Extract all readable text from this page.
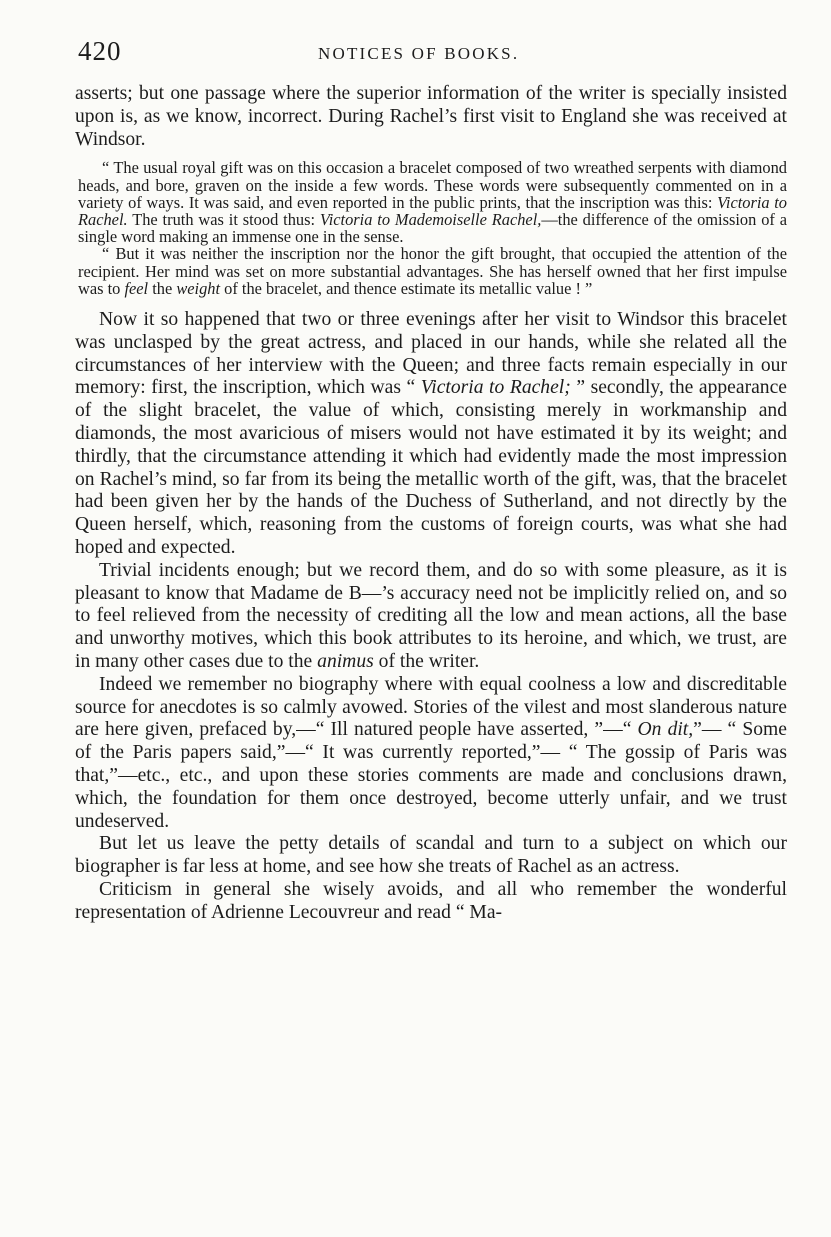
420	NOTICES OF BOOKS.

asserts; but one passage where the superior information of the writer is specially insisted upon is, as we know, incorrect. During Rachel’s first visit to England she was received at Windsor.

“ The usual royal gift was on this occasion a bracelet composed of two wreathed serpents with diamond heads, and bore, graven on the inside a few words. These words were subsequently commented on in a variety of ways. It was said, and even reported in the public prints, that the inscription was this: Victoria to Rachel. The truth was it stood thus: Victoria to Mademoiselle Rachel,—the difference of the omission of a single word making an immense one in the sense.

“ But it was neither the inscription nor the honor the gift brought, that occupied the attention of the recipient. Her mind was set on more substantial advantages. She has herself owned that her first impulse was to feel the weight of the bracelet, and thence estimate its metallic value ! ”

Now it so happened that two or three evenings after her visit to Windsor this bracelet was unclasped by the great actress, and placed in our hands, while she related all the circumstances of her interview with the Queen; and three facts remain especially in our memory: first, the inscription, which was “ Victoria to Rachel; ” secondly, the appearance of the slight bracelet, the value of which, consisting merely in workmanship and diamonds, the most avaricious of misers would not have estimated it by its weight; and thirdly, that the circumstance attending it which had evidently made the most impression on Rachel’s mind, so far from its being the metallic worth of the gift, was, that the bracelet had been given her by the hands of the Duchess of Sutherland, and not directly by the Queen herself, which, reasoning from the customs of foreign courts, was what she had hoped and expected.

Trivial incidents enough; but we record them, and do so with some pleasure, as it is pleasant to know that Madame de B—’s accuracy need not be implicitly relied on, and so to feel relieved from the necessity of crediting all the low and mean actions, all the base and unworthy motives, which this book attributes to its heroine, and which, we trust, are in many other cases due to the animus of the writer.

Indeed we remember no biography where with equal coolness a low and discreditable source for anecdotes is so calmly avowed. Stories of the vilest and most slanderous nature are here given, prefaced by,—“ Ill natured people have asserted, ”—“ On dit,”— “ Some of the Paris papers said,”—“ It was currently reported,”— “ The gossip of Paris was that,”—etc., etc., and upon these stories comments are made and conclusions drawn, which, the foundation for them once destroyed, become utterly unfair, and we trust undeserved.

But let us leave the petty details of scandal and turn to a subject on which our biographer is far less at home, and see how she treats of Rachel as an actress.

Criticism in general she wisely avoids, and all who remember the wonderful representation of Adrienne Lecouvreur and read “ Ma-
